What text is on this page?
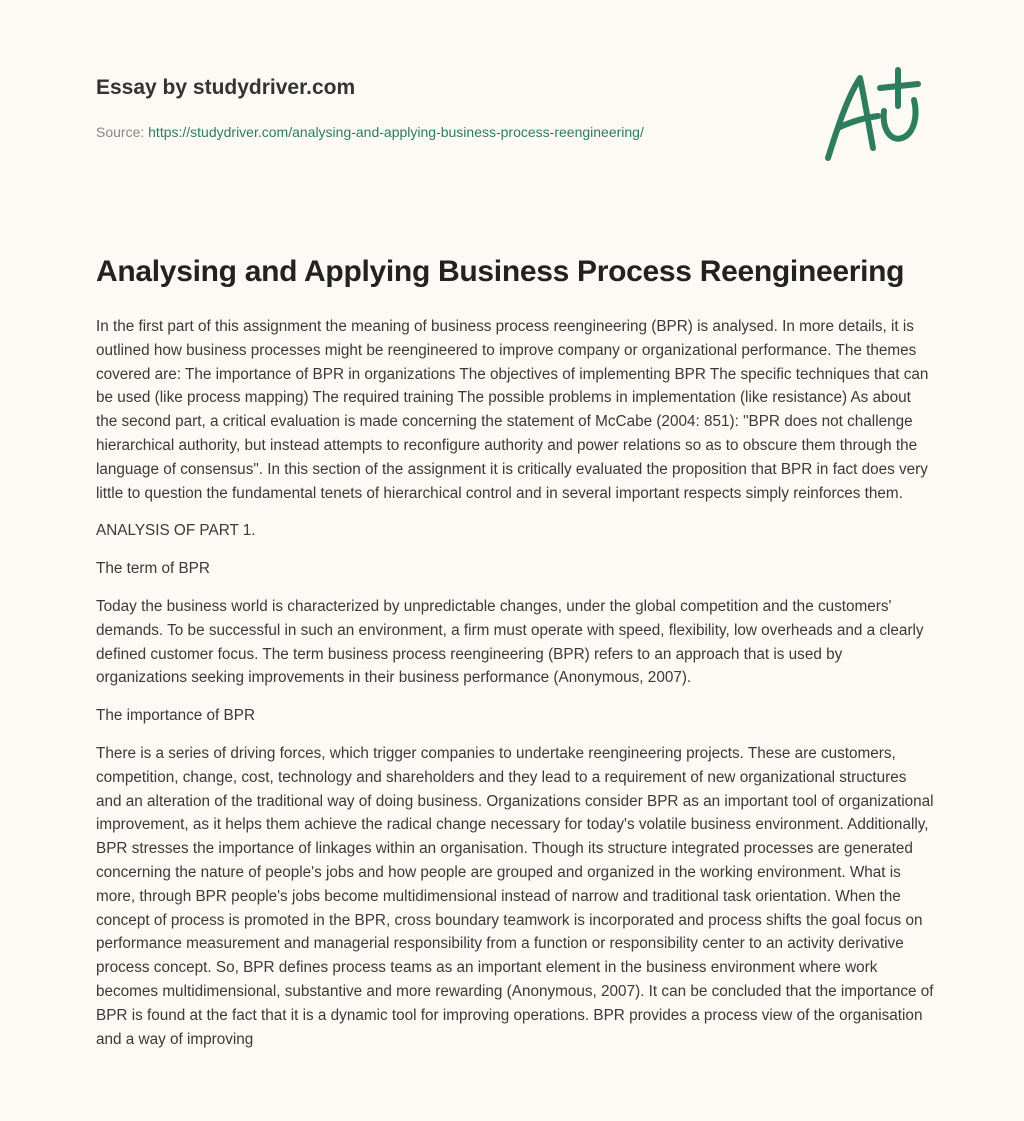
Essay by studydriver.com
Source: https://studydriver.com/analysing-and-applying-business-process-reengineering/
Analysing and Applying Business Process Reengineering

In the first part of this assignment the meaning of business process reengineering (BPR) is analysed. In more details, it is outlined how business processes might be reengineered to improve company or organizational performance. The themes covered are: The importance of BPR in organizations The objectives of implementing BPR The specific techniques that can be used (like process mapping) The required training The possible problems in implementation (like resistance) As about the second part, a critical evaluation is made concerning the statement of McCabe (2004: 851): "BPR does not challenge hierarchical authority, but instead attempts to reconfigure authority and power relations so as to obscure them through the language of consensus". In this section of the assignment it is critically evaluated the proposition that BPR in fact does very little to question the fundamental tenets of hierarchical control and in several important respects simply reinforces them.

ANALYSIS OF PART 1.

The term of BPR

Today the business world is characterized by unpredictable changes, under the global competition and the customers' demands. To be successful in such an environment, a firm must operate with speed, flexibility, low overheads and a clearly defined customer focus. The term business process reengineering (BPR) refers to an approach that is used by organizations seeking improvements in their business performance (Anonymous, 2007).

The importance of BPR

There is a series of driving forces, which trigger companies to undertake reengineering projects. These are customers, competition, change, cost, technology and shareholders and they lead to a requirement of new organizational structures and an alteration of the traditional way of doing business. Organizations consider BPR as an important tool of organizational improvement, as it helps them achieve the radical change necessary for today's volatile business environment. Additionally, BPR stresses the importance of linkages within an organisation. Though its structure integrated processes are generated concerning the nature of people's jobs and how people are grouped and organized in the working environment. What is more, through BPR people's jobs become multidimensional instead of narrow and traditional task orientation. When the concept of process is promoted in the BPR, cross boundary teamwork is incorporated and process shifts the goal focus on performance measurement and managerial responsibility from a function or responsibility center to an activity derivative process concept. So, BPR defines process teams as an important element in the business environment where work becomes multidimensional, substantive and more rewarding (Anonymous, 2007). It can be concluded that the importance of BPR is found at the fact that it is a dynamic tool for improving operations. BPR provides a process view of the organisation and a way of improving
